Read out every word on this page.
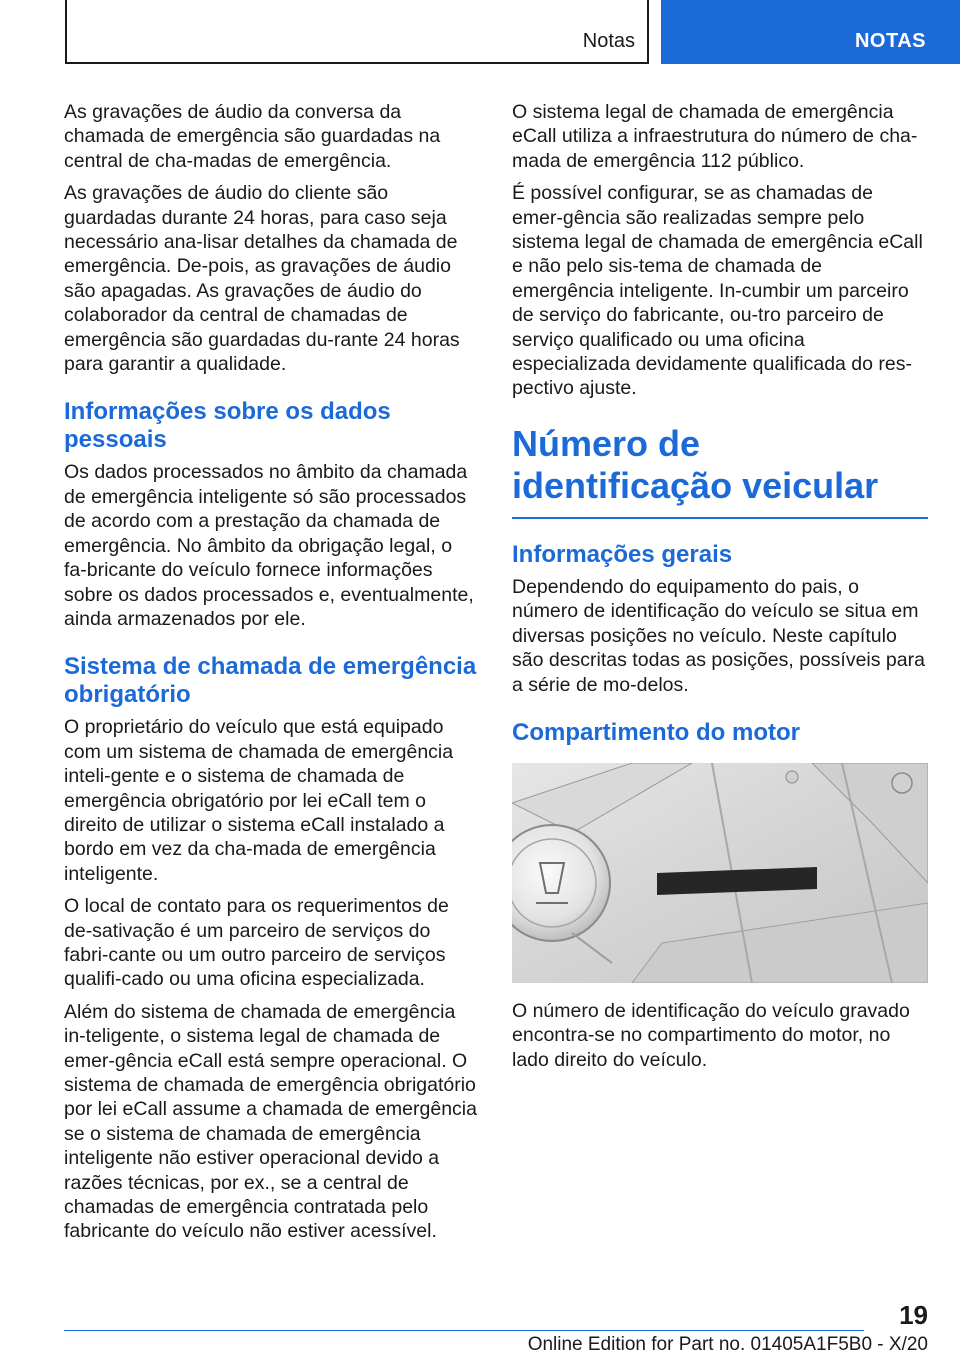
Notas	NOTAS

As gravações de áudio da conversa da chamada de emergência são guardadas na central de cha-madas de emergência.

As gravações de áudio do cliente são guardadas durante 24 horas, para caso seja necessário ana-lisar detalhes da chamada de emergência. De-pois, as gravações de áudio são apagadas. As gravações de áudio do colaborador da central de chamadas de emergência são guardadas du-rante 24 horas para garantir a qualidade.

Informações sobre os dados pessoais

Os dados processados no âmbito da chamada de emergência inteligente só são processados de acordo com a prestação da chamada de emergência. No âmbito da obrigação legal, o fa-bricante do veículo fornece informações sobre os dados processados e, eventualmente, ainda armazenados por ele.

Sistema de chamada de emergência obrigatório

O proprietário do veículo que está equipado com um sistema de chamada de emergência inteli-gente e o sistema de chamada de emergência obrigatório por lei eCall tem o direito de utilizar o sistema eCall instalado a bordo em vez da cha-mada de emergência inteligente.

O local de contato para os requerimentos de de-sativação é um parceiro de serviços do fabri-cante ou um outro parceiro de serviços qualifi-cado ou uma oficina especializada.

Além do sistema de chamada de emergência in-teligente, o sistema legal de chamada de emer-gência eCall está sempre operacional. O sistema de chamada de emergência obrigatório por lei eCall assume a chamada de emergência se o sistema de chamada de emergência inteligente não estiver operacional devido a razões técnicas, por ex., se a central de chamadas de emergência contratada pelo fabricante do veículo não estiver acessível.

O sistema legal de chamada de emergência eCall utiliza a infraestrutura do número de cha-mada de emergência 112 público.

É possível configurar, se as chamadas de emer-gência são realizadas sempre pelo sistema legal de chamada de emergência eCall e não pelo sis-tema de chamada de emergência inteligente. In-cumbir um parceiro de serviço do fabricante, ou-tro parceiro de serviço qualificado ou uma oficina especializada devidamente qualificada do res-pectivo ajuste.

Número de identificação veicular
Informações gerais

Dependendo do equipamento do pais, o número de identificação do veículo se situa em diversas posições no veículo. Neste capítulo são descritas todas as posições, possíveis para a série de mo-delos.

Compartimento do motor

O número de identificação do veículo gravado encontra-se no compartimento do motor, no lado direito do veículo.

19
Online Edition for Part no. 01405A1F5B0 - X/20
